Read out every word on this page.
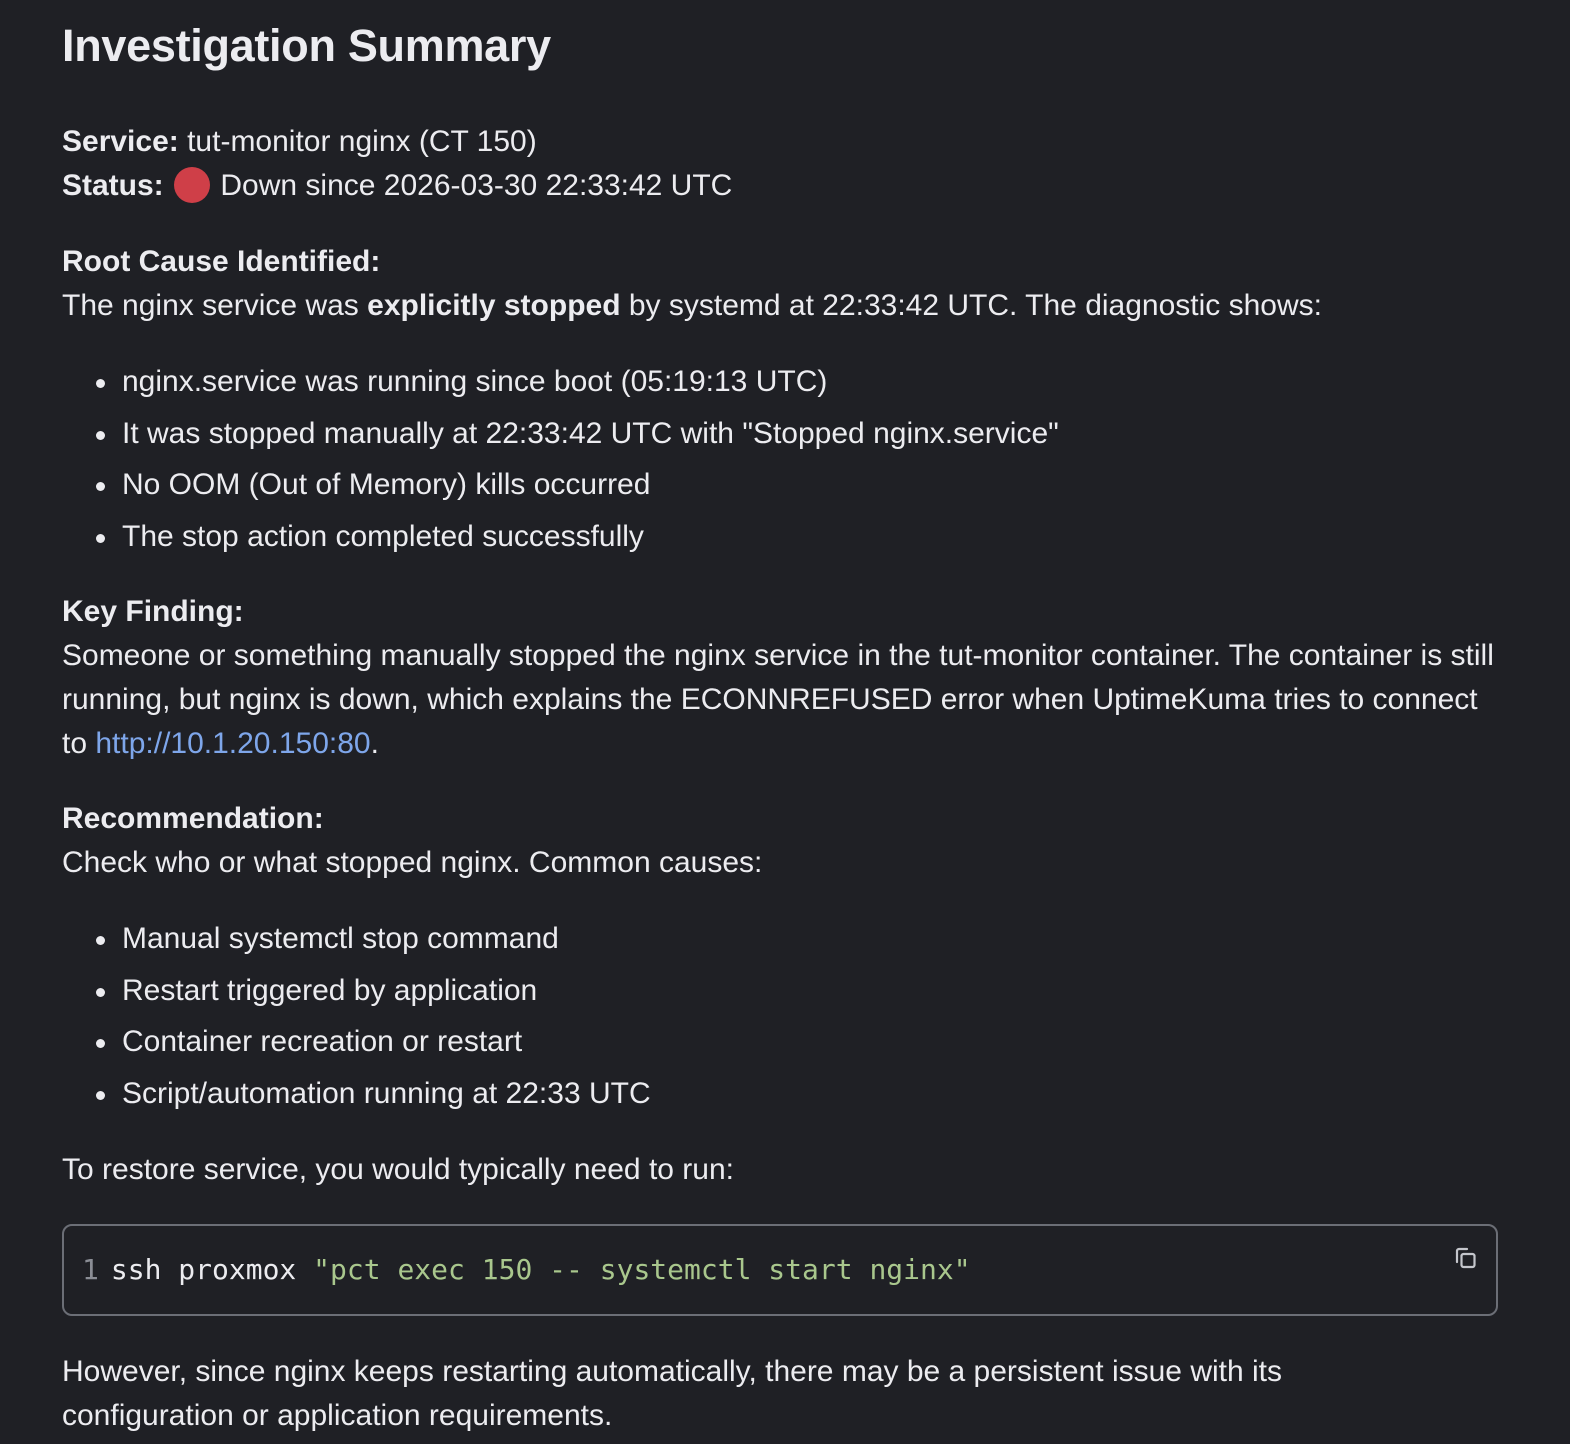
Investigation Summary
Service: tut-monitor nginx (CT 150)
Status: Down since 2026-03-30 22:33:42 UTC
Root Cause Identified:
The nginx service was explicitly stopped by systemd at 22:33:42 UTC. The diagnostic shows:
nginx.service was running since boot (05:19:13 UTC)
It was stopped manually at 22:33:42 UTC with "Stopped nginx.service"
No OOM (Out of Memory) kills occurred
The stop action completed successfully
Key Finding:
Someone or something manually stopped the nginx service in the tut-monitor container. The container is still running, but nginx is down, which explains the ECONNREFUSED error when UptimeKuma tries to connect to http://10.1.20.150:80.
Recommendation:
Check who or what stopped nginx. Common causes:
Manual systemctl stop command
Restart triggered by application
Container recreation or restart
Script/automation running at 22:33 UTC
To restore service, you would typically need to run:
1 ssh proxmox "pct exec 150 -- systemctl start nginx"
However, since nginx keeps restarting automatically, there may be a persistent issue with its configuration or application requirements.
